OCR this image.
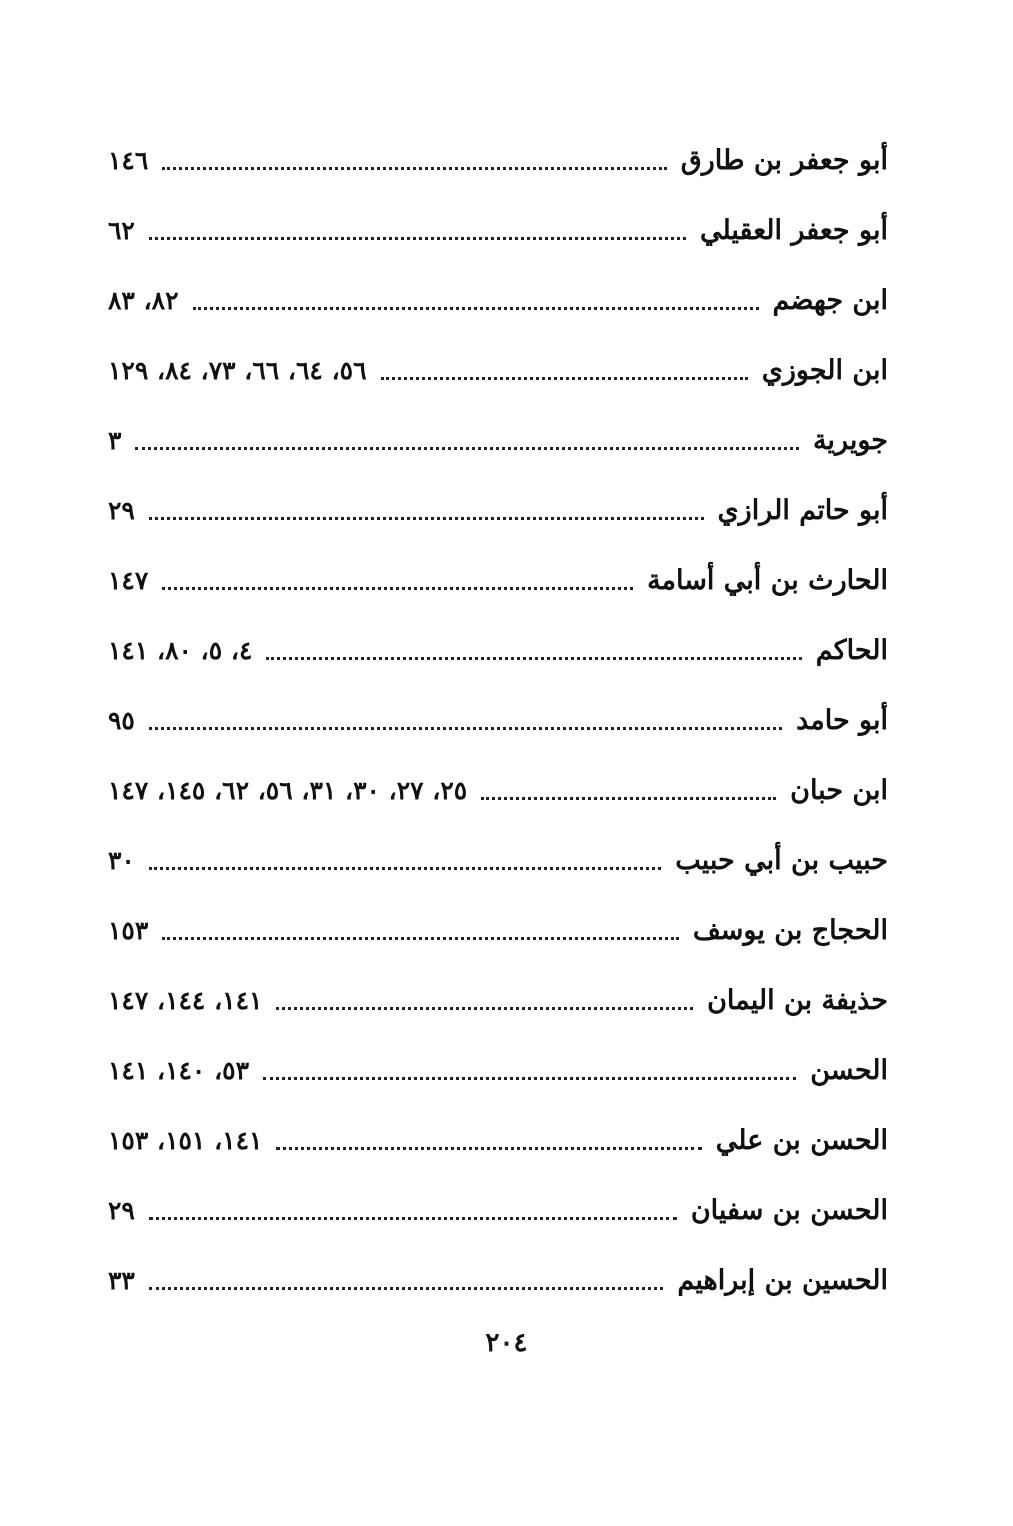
أبو جعفر بن طارق
١٤٦
أبو جعفر العقيلي
٦٢
ابن جهضم
٨٢، ٨٣
ابن الجوزي
٥٦، ٦٤، ٦٦، ٧٣، ٨٤، ١٢٩
جويرية
٣
أبو حاتم الرازي
٢٩
الحارث بن أبي أسامة
١٤٧
الحاكم
٤، ٥، ٨٠، ١٤١
أبو حامد
٩٥
ابن حبان
٢٥، ٢٧، ٣٠، ٣١، ٥٦، ٦٢، ١٤٥، ١٤٧
حبيب بن أبي حبيب
٣٠
الحجاج بن يوسف
١٥٣
حذيفة بن اليمان
١٤١، ١٤٤، ١٤٧
الحسن
٥٣، ١٤٠، ١٤١
الحسن بن علي
١٤١، ١٥١، ١٥٣
الحسن بن سفيان
٢٩
الحسين بن إبراهيم
٣٣
٢٠٤
